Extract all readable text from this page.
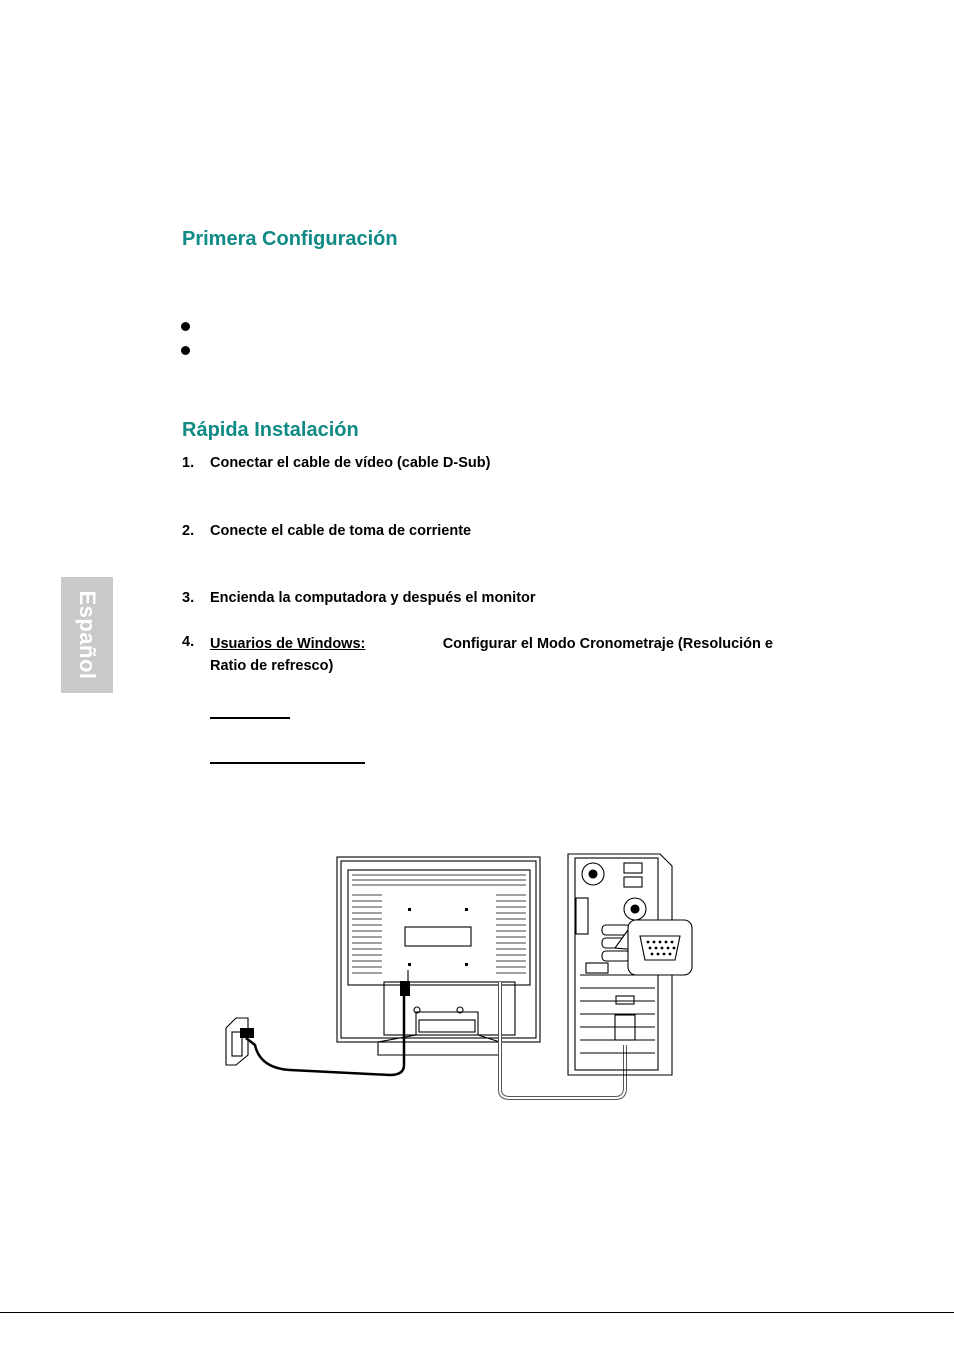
Primera Configuración
Rápida Instalación
1. Conectar el cable de vídeo (cable D-Sub)
2. Conecte el cable de toma de corriente
3. Encienda la computadora y después el monitor
4. Usuarios de Windows:	Configurar el Modo Cronometraje (Resolución e
Ratio de refresco)
Español
